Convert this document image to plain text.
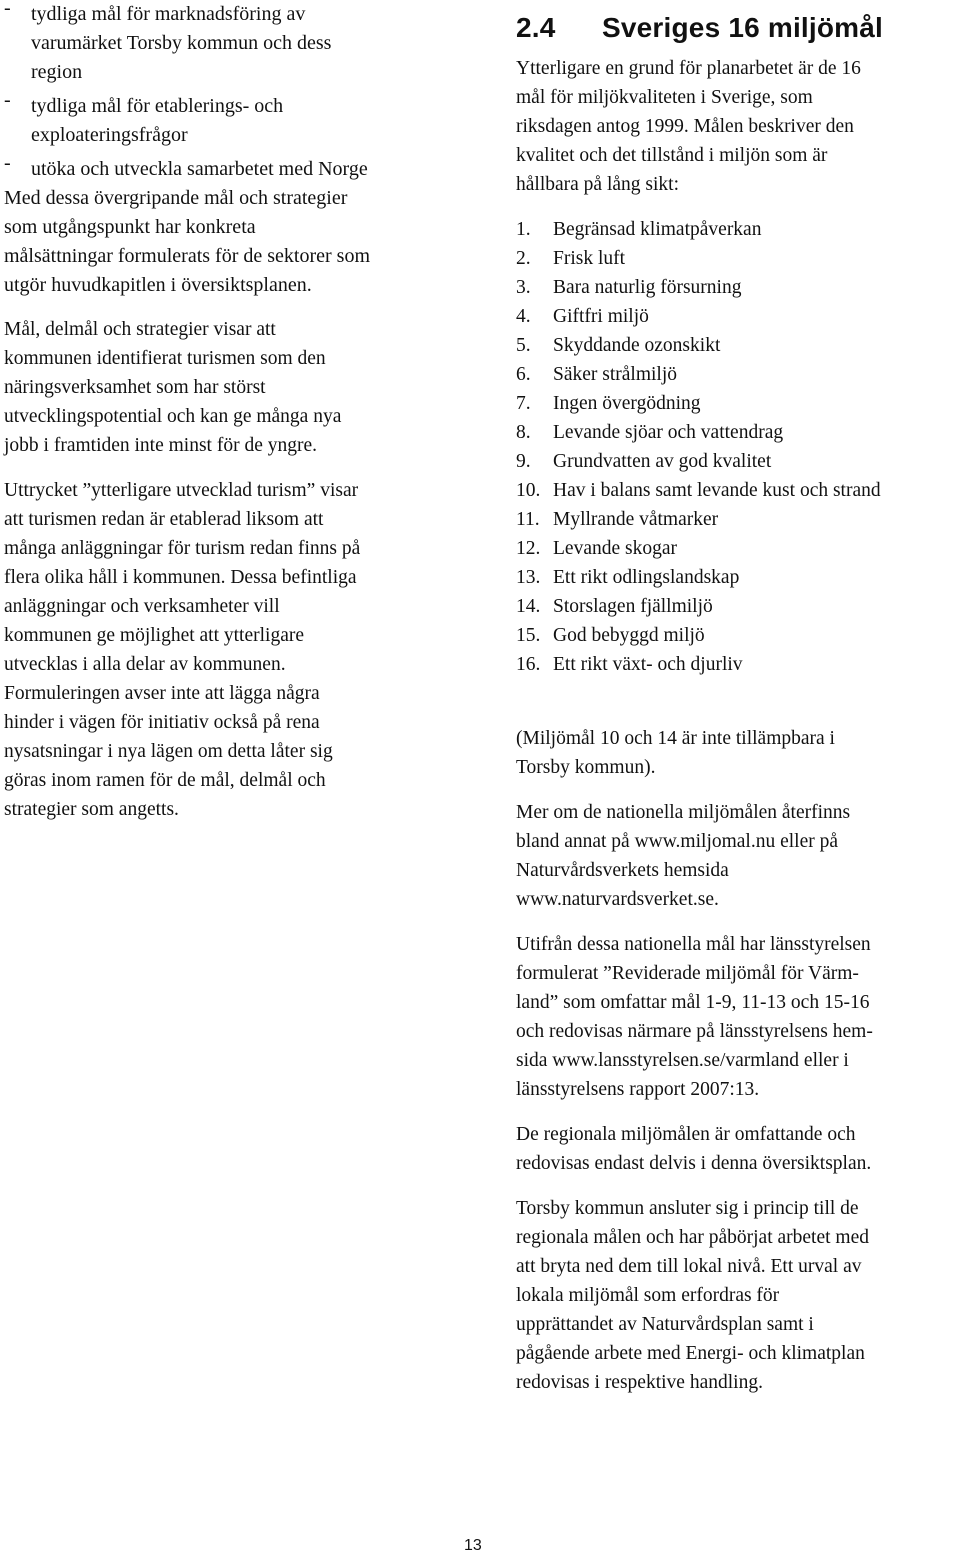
- tydliga mål för marknadsföring av
varumärket Torsby kommun och dess
region
- tydliga mål för etablerings- och
exploateringsfrågor
- utöka och utveckla samarbetet med Norge
Med dessa övergripande mål och strategier
som utgångspunkt har konkreta
målsättningar formulerats för de sektorer som
utgör huvudkapitlen i översiktsplanen.
Mål, delmål och strategier visar att
kommunen identifierat turismen som den
näringsverksamhet som har störst
utvecklingspotential och kan ge många nya
jobb i framtiden inte minst för de yngre.
Uttrycket ”ytterligare utvecklad turism” visar
att turismen redan är etablerad liksom att
många anläggningar för turism redan finns på
flera olika håll i kommunen. Dessa befintliga
anläggningar och verksamheter vill
kommunen ge möjlighet att ytterligare
utvecklas i alla delar av kommunen.
Formuleringen avser inte att lägga några
hinder i vägen för initiativ också på rena
nysatsningar i nya lägen om detta låter sig
göras inom ramen för de mål, delmål och
strategier som angetts.
2.4 Sveriges 16 miljömål

Ytterligare en grund för planarbetet är de 16
mål för miljökvaliteten i Sverige, som
riksdagen antog 1999. Målen beskriver den
kvalitet och det tillstånd i miljön som är
hållbara på lång sikt:

1. Begränsad klimatpåverkan
2. Frisk luft
3. Bara naturlig försurning
4. Giftfri miljö
5. Skyddande ozonskikt
6. Säker strålmiljö
7. Ingen övergödning
8. Levande sjöar och vattendrag
9. Grundvatten av god kvalitet
10. Hav i balans samt levande kust och strand
11. Myllrande våtmarker
12. Levande skogar
13. Ett rikt odlingslandskap
14. Storslagen fjällmiljö
15. God bebyggd miljö
16. Ett rikt växt- och djurliv

(Miljömål 10 och 14 är inte tillämpbara i
Torsby kommun).

Mer om de nationella miljömålen återfinns
bland annat på www.miljomal.nu eller på
Naturvårdsverkets hemsida
www.naturvardsverket.se.

Utifrån dessa nationella mål har länsstyrelsen
formulerat ”Reviderade miljömål för Värm-
land” som omfattar mål 1-9, 11-13 och 15-16
och redovisas närmare på länsstyrelsens hem-
sida www.lansstyrelsen.se/varmland eller i
länsstyrelsens rapport 2007:13.

De regionala miljömålen är omfattande och
redovisas endast delvis i denna översiktsplan.

Torsby kommun ansluter sig i princip till de
regionala målen och har påbörjat arbetet med
att bryta ned dem till lokal nivå. Ett urval av
lokala miljömål som erfordras för
upprättandet av Naturvårdsplan samt i
pågående arbete med Energi- och klimatplan
redovisas i respektive handling.

13
